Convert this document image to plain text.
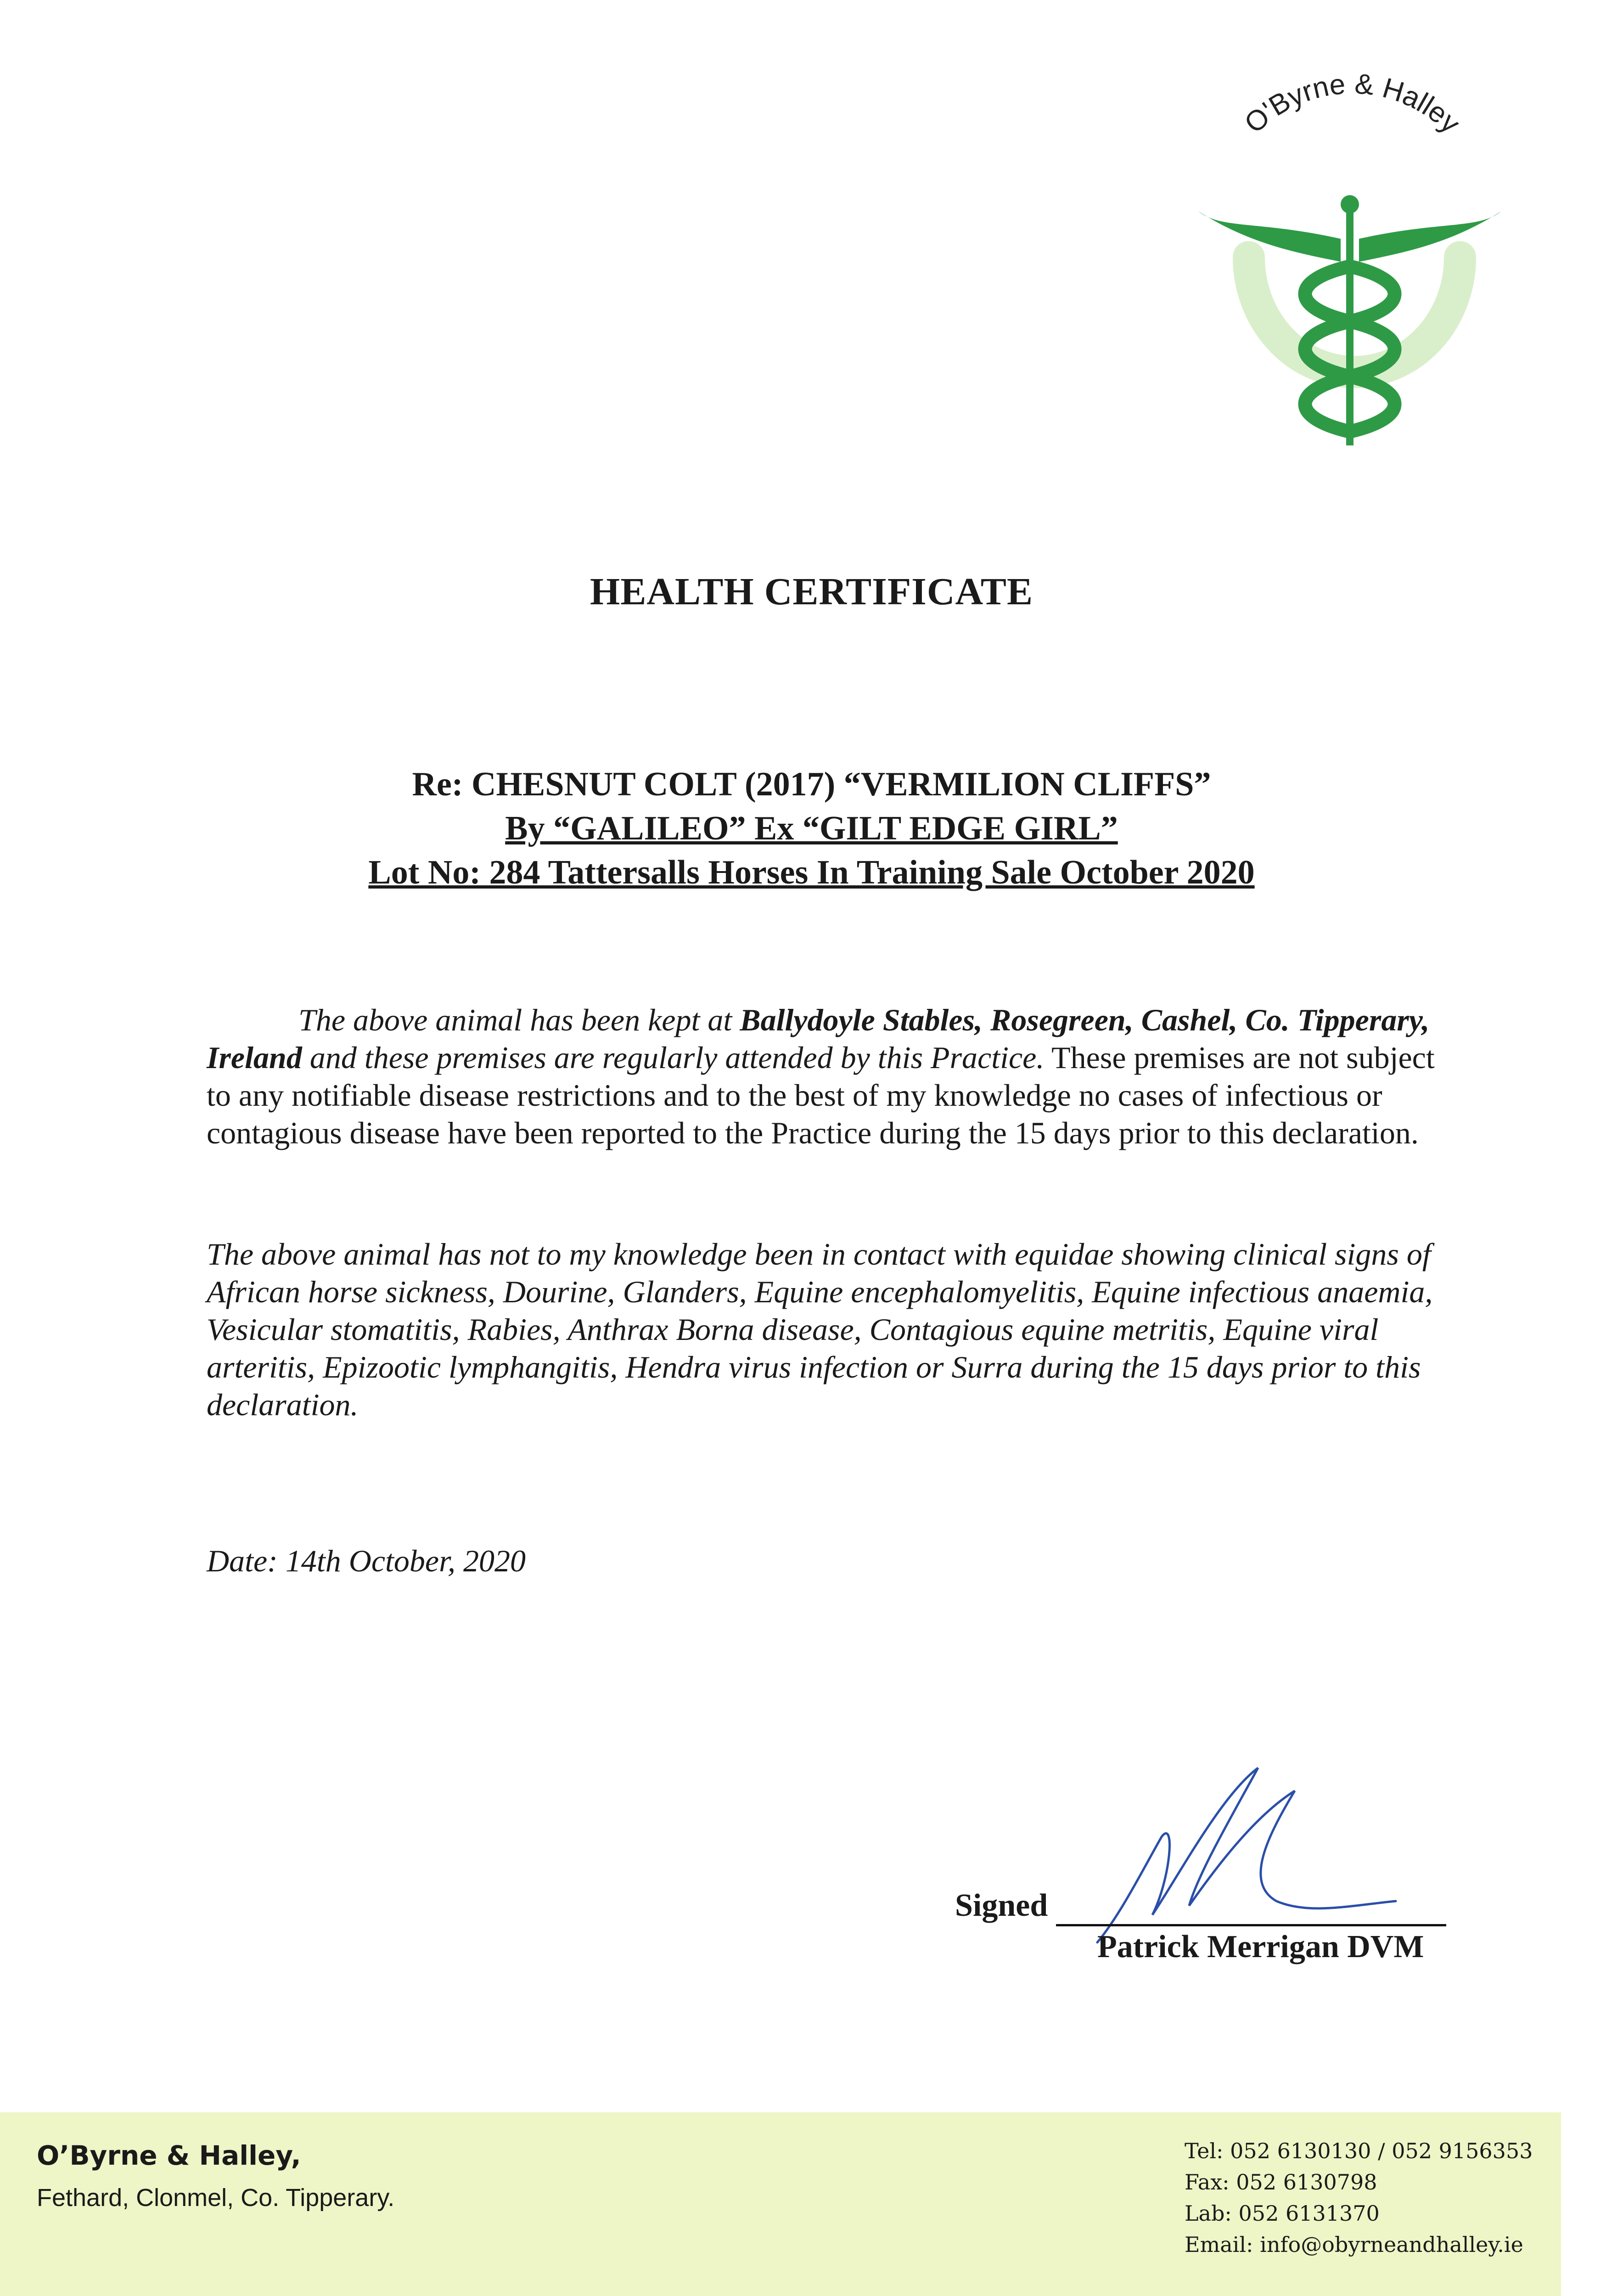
O'Byrne & Halley
HEALTH CERTIFICATE
Re: CHESNUT COLT (2017) “VERMILION CLIFFS”
By “GALILEO” Ex “GILT EDGE GIRL”
Lot No: 284 Tattersalls Horses In Training Sale October 2020
The above animal has been kept at Ballydoyle Stables, Rosegreen, Cashel, Co. Tipperary, Ireland and these premises are regularly attended by this Practice. These premises are not subject to any notifiable disease restrictions and to the best of my knowledge no cases of infectious or contagious disease have been reported to the Practice during the 15 days prior to this declaration.
The above animal has not to my knowledge been in contact with equidae showing clinical signs of African horse sickness, Dourine, Glanders, Equine encephalomyelitis, Equine infectious anaemia, Vesicular stomatitis, Rabies, Anthrax Borna disease, Contagious equine metritis, Equine viral arteritis, Epizootic lymphangitis, Hendra virus infection or Surra during the 15 days prior to this declaration.
Date: 14th October, 2020
Signed
Patrick Merrigan DVM
O’Byrne & Halley,
Fethard, Clonmel, Co. Tipperary.
Tel: 052 6130130 / 052 9156353
Fax: 052 6130798
Lab: 052 6131370
Email: info@obyrneandhalley.ie
